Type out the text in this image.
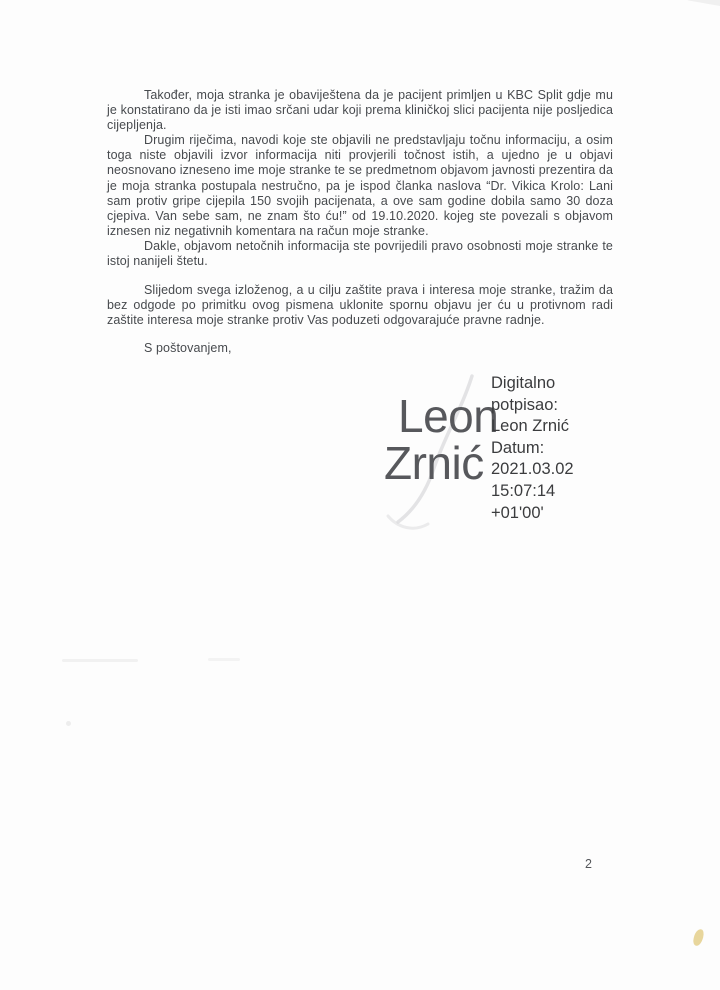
Također, moja stranka je obaviještena da je pacijent primljen u KBC Split gdje mu je konstatirano da je isti imao srčani udar koji prema kliničkoj slici pacijenta nije posljedica cijepljenja.

Drugim riječima, navodi koje ste objavili ne predstavljaju točnu informaciju, a osim toga niste objavili izvor informacija niti provjerili točnost istih, a ujedno je u objavi neosnovano izneseno ime moje stranke te se predmetnom objavom javnosti prezentira da je moja stranka postupala nestručno, pa je ispod članka naslova “Dr. Vikica Krolo: Lani sam protiv gripe cijepila 150 svojih pacijenata, a ove sam godine dobila samo 30 doza cjepiva. Van sebe sam, ne znam što ću!” od 19.10.2020. kojeg ste povezali s objavom iznesen niz negativnih komentara na račun moje stranke.

Dakle, objavom netočnih informacija ste povrijedili pravo osobnosti moje stranke te istoj nanijeli štetu.

Slijedom svega izloženog, a u cilju zaštite prava i interesa moje stranke, tražim da bez odgode po primitku ovog pismena uklonite spornu objavu jer ću u protivnom radi zaštite interesa moje stranke protiv Vas poduzeti odgovarajuće pravne radnje.

S poštovanjem,
Leon
Zrnić
Digitalno
potpisao:
Leon Zrnić
Datum:
2021.03.02
15:07:14
+01'00'
2
